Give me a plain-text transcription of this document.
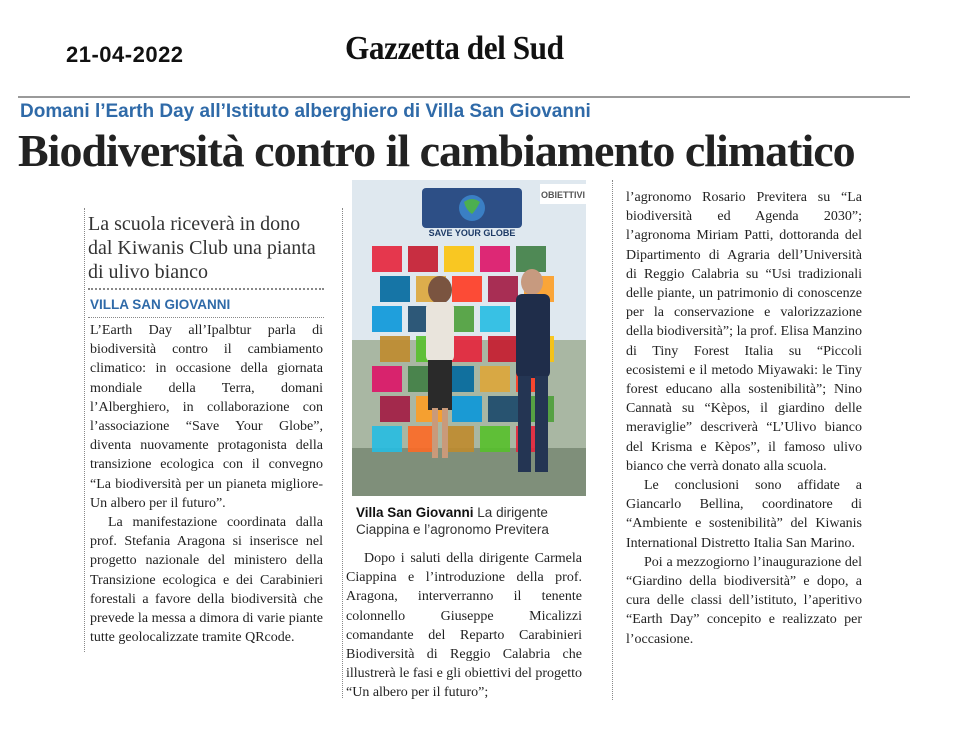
21-04-2022	Gazzetta del Sud
Domani l’Earth Day all’Istituto alberghiero di Villa San Giovanni
Biodiversità contro il cambiamento climatico
La scuola riceverà in dono dal Kiwanis Club una pianta di ulivo bianco
VILLA SAN GIOVANNI

L’Earth Day all’Ipalbtur parla di biodiversità contro il cambiamento climatico: in occasione della giornata mondiale della Terra, domani l’Alberghiero, in collaborazione con l’associazione “Save Your Globe”, diventa nuovamente protagonista della transizione ecologica con il convegno “La biodiversità per un pianeta migliore-Un albero per il futuro”.

La manifestazione coordinata dalla prof. Stefania Aragona si inserisce nel progetto nazionale del ministero della Transizione ecologica e dei Carabinieri forestali a favore della biodiversità che prevede la messa a dimora di varie piante tutte geolocalizzate tramite QRcode.

SAVE YOUR GLOBE
OBIETTIVI
Villa San Giovanni La dirigente Ciappina e l’agronomo Previtera

Dopo i saluti della dirigente Carmela Ciappina e l’introduzione della prof. Aragona, interverranno il tenente colonnello Giuseppe Micalizzi comandante del Reparto Carabinieri Biodiversità di Reggio Calabria che illustrerà le fasi e gli obiettivi del progetto “Un albero per il futuro”;

l’agronomo Rosario Previtera su “La biodiversità ed Agenda 2030”; l’agronoma Miriam Patti, dottoranda del Dipartimento di Agraria dell’Università di Reggio Calabria su “Usi tradizionali delle piante, un patrimonio di conoscenze per la conservazione e valorizzazione della biodiversità”; la prof. Elisa Manzino di Tiny Forest Italia su “Piccoli ecosistemi e il metodo Miyawaki: le Tiny forest educano alla sostenibilità”; Nino Cannatà su “Kèpos, il giardino delle meraviglie” descriverà “L’Ulivo bianco del Krisma e Kèpos”, il famoso ulivo bianco che verrà donato alla scuola.

Le conclusioni sono affidate a Giancarlo Bellina, coordinatore di “Ambiente e sostenibilità” del Kiwanis International Distretto Italia San Marino.

Poi a mezzogiorno l’inaugurazione del “Giardino della biodiversità” e dopo, a cura delle classi dell’istituto, l’aperitivo “Earth Day” concepito e realizzato per l’occasione.
